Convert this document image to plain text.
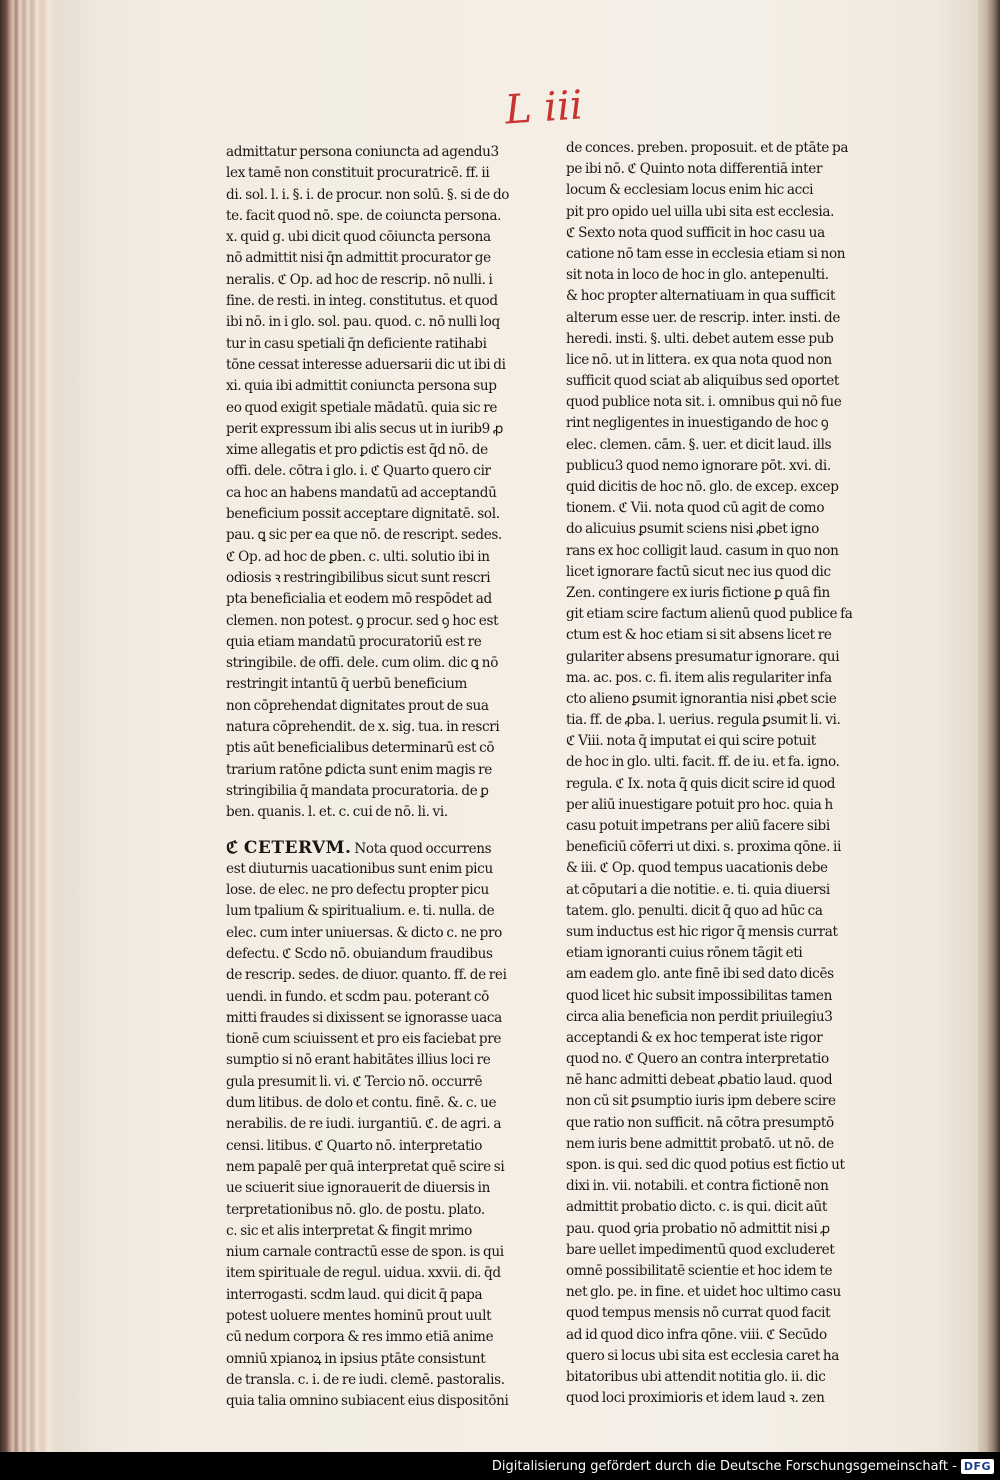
L iii
admittatur persona coniuncta ad agendu3
lex tamē non constituit procuratricē. ff. ii
di. sol. l. i. §. i. de procur. non solū. §. si de do
te. facit quod nō. spe. de coiuncta persona.
x. quid g. ubi dicit quod cōiuncta persona
nō admittit nisi q̄n admittit procurator ge
neralis. ℭ Op. ad hoc de rescrip. nō nulli. i
fine. de resti. in integ. constitutus. et quod
ibi nō. in i glo. sol. pau. quod. c. nō nulli loq
tur in casu spetiali q̄n deficiente ratihabi
tōne cessat interesse aduersarii dic ut ibi di
xi. quia ibi admittit coniuncta persona sup
eo quod exigit spetiale mādatū. quia sic re
perit expressum ibi alis secus ut in iurib9 ꝓ
xime allegatis et pro ꝑdictis est q̄d nō. de
offi. dele. cōtra i glo. i. ℭ Quarto quero cir
ca hoc an habens mandatū ad acceptandū
beneficium possit acceptare dignitatē. sol.
pau. ꝗ sic per ea que nō. de rescript. sedes.
ℭ Op. ad hoc de ꝑben. c. ulti. solutio ibi in
odiosis ꝛ restringibilibus sicut sunt rescri
pta beneficialia et eodem mō respōdet ad
clemen. non potest. ꝯ procur. sed ꝯ hoc est
quia etiam mandatū procuratoriū est re
stringibile. de offi. dele. cum olim. dic ꝗ nō
restringit intantū q̄ uerbū beneficium
non cōprehendat dignitates prout de sua
natura cōprehendit. de x. sig. tua. in rescri
ptis aūt beneficialibus determinarū est cō
trarium ratōne ꝑdicta sunt enim magis re
stringibilia q̄ mandata procuratoria. de ꝑ
ben. quanis. l. et. c. cui de nō. li. vi.
ℭ CETERVM. Nota quod occurrens
est diuturnis uacationibus sunt enim picu
lose. de elec. ne pro defectu propter picu
lum tpalium & spiritualium. e. ti. nulla. de
elec. cum inter uniuersas. & dicto c. ne pro
defectu. ℭ Scdo nō. obuiandum fraudibus
de rescrip. sedes. de diuor. quanto. ff. de rei
uendi. in fundo. et scdm pau. poterant cō
mitti fraudes si dixissent se ignorasse uaca
tionē cum sciuissent et pro eis faciebat pre
sumptio si nō erant habitātes illius loci re
gula presumit li. vi. ℭ Tercio nō. occurrē
dum litibus. de dolo et contu. finē. &. c. ue
nerabilis. de re iudi. iurgantiū. ℭ. de agri. a
censi. litibus. ℭ Quarto nō. interpretatio
nem papalē per quā interpretat quē scire si
ue sciuerit siue ignorauerit de diuersis in
terpretationibus nō. glo. de postu. plato.
c. sic et alis interpretat & fingit mrimo
nium carnale contractū esse de spon. is qui
item spirituale de regul. uidua. xxvii. di. q̄d
interrogasti. scdm laud. qui dicit q̄ papa
potest uoluere mentes hominū prout uult
cū nedum corpora & res immo etiā anime
omniū xpianoꝝ in ipsius ptāte consistunt
de transla. c. i. de re iudi. clemē. pastoralis.
quia talia omnino subiacent eius dispositōni
de conces. preben. proposuit. et de ptāte pa
pe ibi nō. ℭ Quinto nota differentiā inter
locum & ecclesiam locus enim hic acci
pit pro opido uel uilla ubi sita est ecclesia.
ℭ Sexto nota quod sufficit in hoc casu ua
catione nō tam esse in ecclesia etiam si non
sit nota in loco de hoc in glo. antepenulti.
& hoc propter alternatiuam in qua sufficit
alterum esse uer. de rescrip. inter. insti. de
heredi. insti. §. ulti. debet autem esse pub
lice nō. ut in littera. ex qua nota quod non
sufficit quod sciat ab aliquibus sed oportet
quod publice nota sit. i. omnibus qui nō fue
rint negligentes in inuestigando de hoc ꝯ
elec. clemen. cām. §. uer. et dicit laud. ills
publicu3 quod nemo ignorare pōt. xvi. di.
quid dicitis de hoc nō. glo. de excep. excep
tionem. ℭ Vii. nota quod cū agit de como
do alicuius ꝑsumit sciens nisi ꝓbet igno
rans ex hoc colligit laud. casum in quo non
licet ignorare factū sicut nec ius quod dic
Zen. contingere ex iuris fictione ꝑ quā fin
git etiam scire factum alienū quod publice fa
ctum est & hoc etiam si sit absens licet re
gulariter absens presumatur ignorare. qui
ma. ac. pos. c. fi. item alis regulariter infa
cto alieno ꝑsumit ignorantia nisi ꝓbet scie
tia. ff. de ꝓba. l. uerius. regula ꝑsumit li. vi.
ℭ Viii. nota q̄ imputat ei qui scire potuit
de hoc in glo. ulti. facit. ff. de iu. et fa. igno.
regula. ℭ Ix. nota q̄ quis dicit scire id quod
per aliū inuestigare potuit pro hoc. quia h
casu potuit impetrans per aliū facere sibi
beneficiū cōferri ut dixi. s. proxima qōne. ii
& iii. ℭ Op. quod tempus uacationis debe
at cōputari a die notitie. e. ti. quia diuersi
tatem. glo. penulti. dicit q̄ quo ad hūc ca
sum inductus est hic rigor q̄ mensis currat
etiam ignoranti cuius rōnem tāgit eti
am eadem glo. ante finē ibi sed dato dicēs
quod licet hic subsit impossibilitas tamen
circa alia beneficia non perdit priuilegiu3
acceptandi & ex hoc temperat iste rigor
quod no. ℭ Quero an contra interpretatio
nē hanc admitti debeat ꝓbatio laud. quod
non cū sit ꝑsumptio iuris ipm debere scire
que ratio non sufficit. nā cōtra presumptō
nem iuris bene admittit probatō. ut nō. de
spon. is qui. sed dic quod potius est fictio ut
dixi in. vii. notabili. et contra fictionē non
admittit probatio dicto. c. is qui. dicit aūt
pau. quod ꝯria probatio nō admittit nisi ꝓ
bare uellet impedimentū quod excluderet
omnē possibilitatē scientie et hoc idem te
net glo. pe. in fine. et uidet hoc ultimo casu
quod tempus mensis nō currat quod facit
ad id quod dico infra qōne. viii. ℭ Secūdo
quero si locus ubi sita est ecclesia caret ha
bitatoribus ubi attendit notitia glo. ii. dic
quod loci proximioris et idem laud ꝛ. zen
Digitalisierung gefördert durch die Deutsche Forschungsgemeinschaft - DFG
